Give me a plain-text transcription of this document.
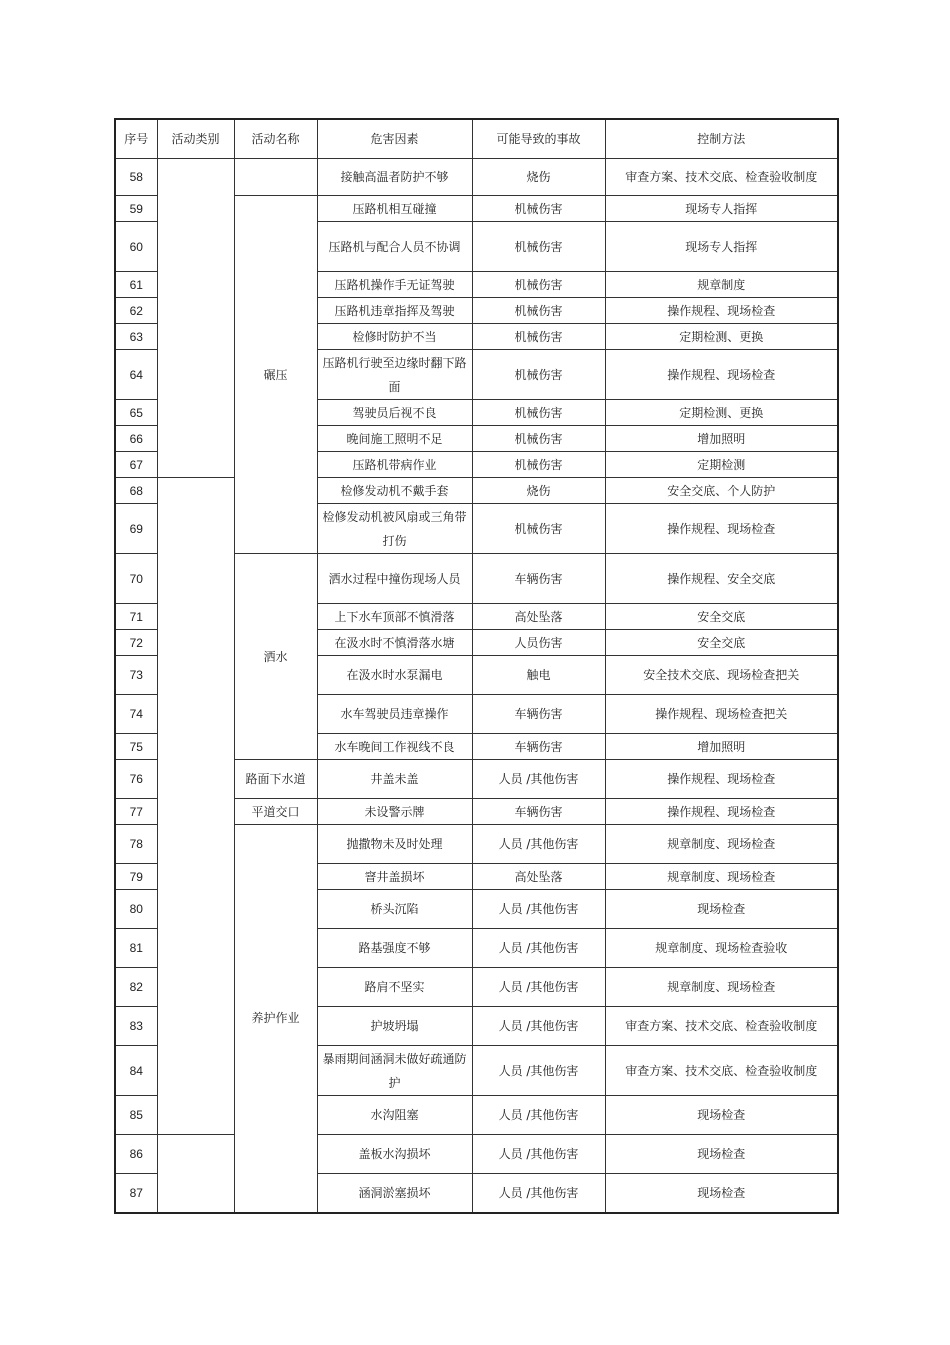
序号	活动类别	活动名称	危害因素	可能导致的事故	控制方法
58			接触高温者防护不够	烧伤	审查方案、技术交底、检查验收制度
59		碾压	压路机相互碰撞	机械伤害	现场专人指挥
60			压路机与配合人员不协调	机械伤害	现场专人指挥
61			压路机操作手无证驾驶	机械伤害	规章制度
62			压路机违章指挥及驾驶	机械伤害	操作规程、现场检查
63			检修时防护不当	机械伤害	定期检测、更换
64			压路机行驶至边缘时翻下路面	机械伤害	操作规程、现场检查
65			驾驶员后视不良	机械伤害	定期检测、更换
66			晚间施工照明不足	机械伤害	增加照明
67			压路机带病作业	机械伤害	定期检测
68			检修发动机不戴手套	烧伤	安全交底、个人防护
69			检修发动机被风扇或三角带打伤	机械伤害	操作规程、现场检查
70		洒水	洒水过程中撞伤现场人员	车辆伤害	操作规程、安全交底
71			上下水车顶部不慎滑落	高处坠落	安全交底
72			在汲水时不慎滑落水塘	人员伤害	安全交底
73			在汲水时水泵漏电	触电	安全技术交底、现场检查把关
74			水车驾驶员违章操作	车辆伤害	操作规程、现场检查把关
75			水车晚间工作视线不良	车辆伤害	增加照明
76		路面下水道	井盖未盖	人员 /其他伤害	操作规程、现场检查
77		平道交口	未设警示牌	车辆伤害	操作规程、现场检查
78		养护作业	抛撒物未及时处理	人员 /其他伤害	规章制度、现场检查
79			窨井盖损坏	高处坠落	规章制度、现场检查
80			桥头沉陷	人员 /其他伤害	现场检查
81			路基强度不够	人员 /其他伤害	规章制度、现场检查验收
82			路肩不坚实	人员 /其他伤害	规章制度、现场检查
83			护坡坍塌	人员 /其他伤害	审查方案、技术交底、检查验收制度
84			暴雨期间涵洞未做好疏通防护	人员 /其他伤害	审查方案、技术交底、检查验收制度
85			水沟阻塞	人员 /其他伤害	现场检查
86			盖板水沟损坏	人员 /其他伤害	现场检查
87			涵洞淤塞损坏	人员 /其他伤害	现场检查
